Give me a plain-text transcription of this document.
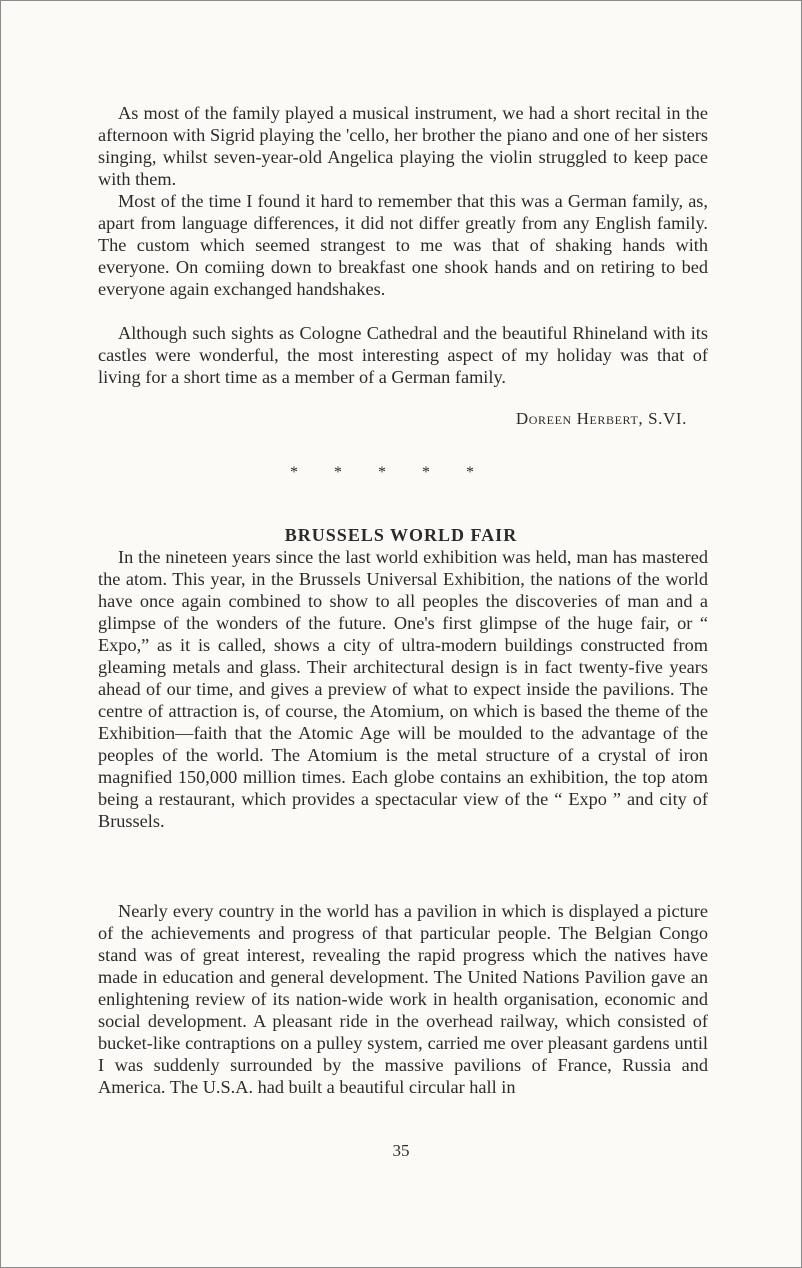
As most of the family played a musical instrument, we had a short recital in the afternoon with Sigrid playing the 'cello, her brother the piano and one of her sisters singing, whilst seven-year-old Angelica playing the violin struggled to keep pace with them.

Most of the time I found it hard to remember that this was a German family, as, apart from language differences, it did not differ greatly from any English family. The custom which seemed strangest to me was that of shaking hands with everyone. On comiing down to breakfast one shook hands and on retiring to bed everyone again exchanged handshakes.

Although such sights as Cologne Cathedral and the beautiful Rhineland with its castles were wonderful, the most interesting aspect of my holiday was that of living for a short time as a member of a German family.

Doreen Herbert, S.VI.
* * * * *
BRUSSELS WORLD FAIR

In the nineteen years since the last world exhibition was held, man has mastered the atom. This year, in the Brussels Universal Exhibition, the nations of the world have once again combined to show to all peoples the discoveries of man and a glimpse of the wonders of the future. One's first glimpse of the huge fair, or “ Expo,” as it is called, shows a city of ultra-modern buildings constructed from gleaming metals and glass. Their architectural design is in fact twenty-five years ahead of our time, and gives a preview of what to expect inside the pavilions. The centre of attraction is, of course, the Atomium, on which is based the theme of the Exhibition—faith that the Atomic Age will be moulded to the advantage of the peoples of the world. The Atomium is the metal structure of a crystal of iron magnified 150,000 million times. Each globe contains an exhibition, the top atom being a restaurant, which provides a spectacular view of the “ Expo ” and city of Brussels.

Nearly every country in the world has a pavilion in which is displayed a picture of the achievements and progress of that particular people. The Belgian Congo stand was of great interest, revealing the rapid progress which the natives have made in education and general development. The United Nations Pavilion gave an enlightening review of its nation-wide work in health organisation, economic and social development. A pleasant ride in the overhead railway, which consisted of bucket-like contraptions on a pulley system, carried me over pleasant gardens until I was suddenly surrounded by the massive pavilions of France, Russia and America. The U.S.A. had built a beautiful circular hall in

35
